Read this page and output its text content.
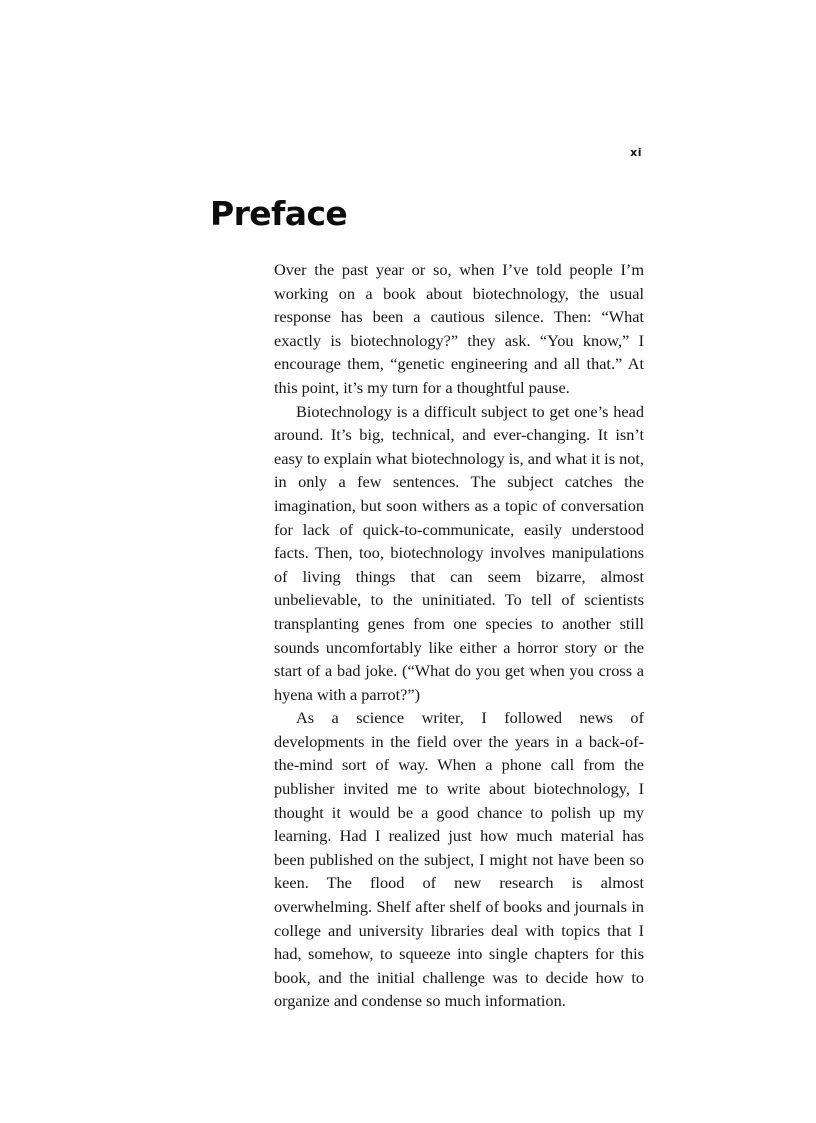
xi
Preface

Over the past year or so, when I’ve told people I’m working on a book about biotechnology, the usual response has been a cautious silence. Then: “What exactly is biotechnology?” they ask. “You know,” I encourage them, “genetic engineering and all that.” At this point, it’s my turn for a thoughtful pause.

Biotechnology is a difficult subject to get one’s head around. It’s big, technical, and ever-changing. It isn’t easy to explain what biotechnology is, and what it is not, in only a few sentences. The subject catches the imagination, but soon withers as a topic of conversation for lack of quick-to-communicate, easily understood facts. Then, too, biotechnology involves manipulations of living things that can seem bizarre, almost unbelievable, to the uninitiated. To tell of scientists transplanting genes from one species to another still sounds uncomfortably like either a horror story or the start of a bad joke. (“What do you get when you cross a hyena with a parrot?”)

As a science writer, I followed news of developments in the field over the years in a back-of-the-mind sort of way. When a phone call from the publisher invited me to write about biotechnology, I thought it would be a good chance to polish up my learning. Had I realized just how much material has been published on the subject, I might not have been so keen. The flood of new research is almost overwhelming. Shelf after shelf of books and journals in college and university libraries deal with topics that I had, somehow, to squeeze into single chapters for this book, and the initial challenge was to decide how to organize and condense so much information.
